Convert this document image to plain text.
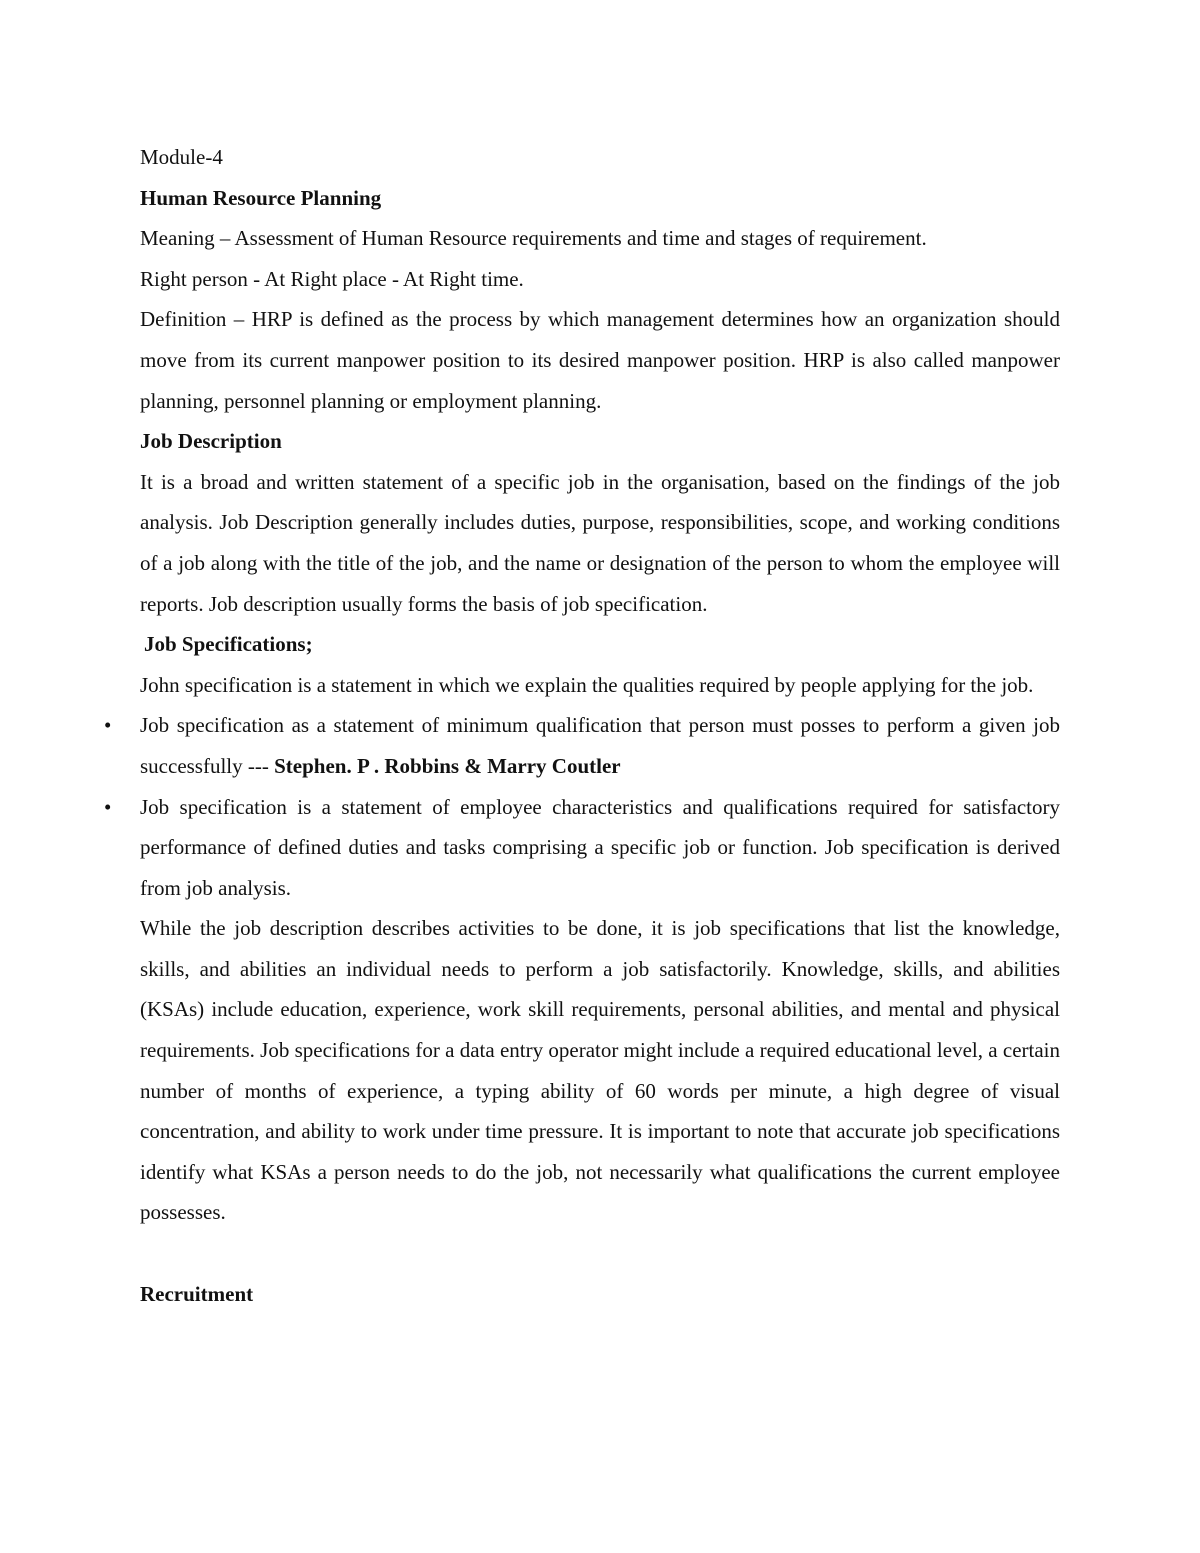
Module-4

Human Resource Planning

Meaning – Assessment of Human Resource requirements and time and stages of requirement.

Right person - At Right place - At Right time.

Definition – HRP is defined as the process by which management determines how an organization should move from its current manpower position to its desired manpower position. HRP is also called manpower planning, personnel planning or employment planning.

Job Description

It is a broad and written statement of a specific job in the organisation, based on the findings of the job analysis. Job Description generally includes duties, purpose, responsibilities, scope, and working conditions of a job along with the title of the job, and the name or designation of the person to whom the employee will reports. Job description usually forms the basis of job specification.

Job Specifications;

John specification is a statement in which we explain the qualities required by people applying for the job.

• Job specification as a statement of minimum qualification that person must posses to perform a given job successfully --- Stephen. P . Robbins & Marry Coutler
• Job specification is a statement of employee characteristics and qualifications required for satisfactory performance of defined duties and tasks comprising a specific job or function. Job specification is derived from job analysis.

While the job description describes activities to be done, it is job specifications that list the knowledge, skills, and abilities an individual needs to perform a job satisfactorily. Knowledge, skills, and abilities (KSAs) include education, experience, work skill requirements, personal abilities, and mental and physical requirements. Job specifications for a data entry operator might include a required educational level, a certain number of months of experience, a typing ability of 60 words per minute, a high degree of visual concentration, and ability to work under time pressure. It is important to note that accurate job specifications identify what KSAs a person needs to do the job, not necessarily what qualifications the current employee possesses.

Recruitment
